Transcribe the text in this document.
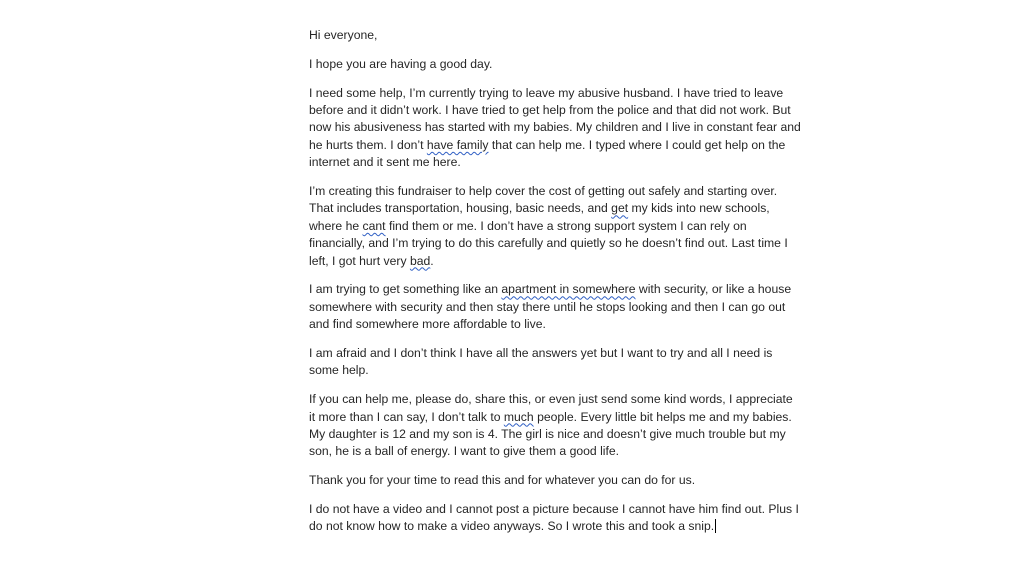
Hi everyone,

I hope you are having a good day.

I need some help, I’m currently trying to leave my abusive husband. I have tried to leave before and it didn’t work. I have tried to get help from the police and that did not work. But now his abusiveness has started with my babies. My children and I live in constant fear and he hurts them. I don’t have family that can help me. I typed where I could get help on the internet and it sent me here.

I’m creating this fundraiser to help cover the cost of getting out safely and starting over. That includes transportation, housing, basic needs, and get my kids into new schools, where he cant find them or me. I don’t have a strong support system I can rely on financially, and I’m trying to do this carefully and quietly so he doesn’t find out. Last time I left, I got hurt very bad.

I am trying to get something like an apartment in somewhere with security, or like a house somewhere with security and then stay there until he stops looking and then I can go out and find somewhere more affordable to live.

I am afraid and I don’t think I have all the answers yet but I want to try and all I need is some help.

If you can help me, please do, share this, or even just send some kind words, I appreciate it more than I can say, I don’t talk to much people. Every little bit helps me and my babies. My daughter is 12 and my son is 4. The girl is nice and doesn’t give much trouble but my son, he is a ball of energy. I want to give them a good life.

Thank you for your time to read this and for whatever you can do for us.

I do not have a video and I cannot post a picture because I cannot have him find out. Plus I do not know how to make a video anyways. So I wrote this and took a snip.
